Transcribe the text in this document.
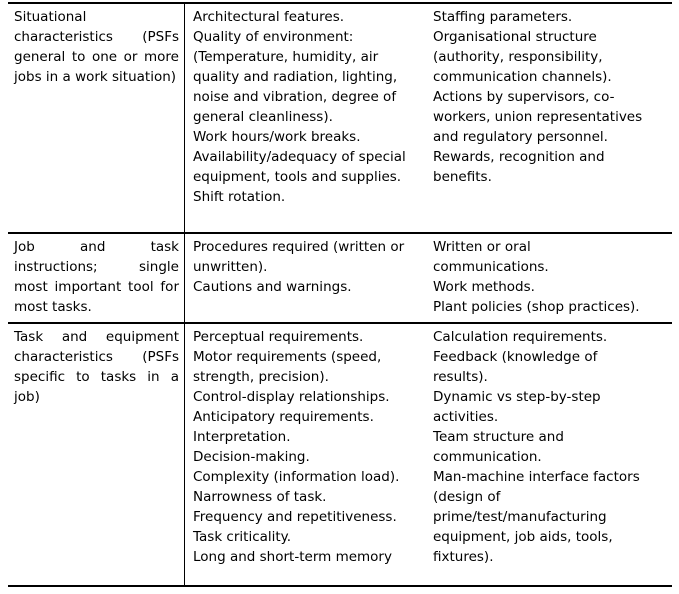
Situational characteristics (PSFs general to one or more jobs in a work situation)
Architectural features.
Quality of environment:
(Temperature, humidity, air quality and radiation, lighting, noise and vibration, degree of general cleanliness).
Work hours/work breaks.
Availability/adequacy of special equipment, tools and supplies.
Shift rotation.
Staffing parameters.
Organisational structure (authority, responsibility, communication channels).
Actions by supervisors, co-workers, union representatives and regulatory personnel.
Rewards, recognition and benefits.
Job and task instructions; single most important tool for most tasks.
Procedures required (written or unwritten).
Cautions and warnings.
Written or oral communications.
Work methods.
Plant policies (shop practices).
Task and equipment characteristics (PSFs specific to tasks in a job)
Perceptual requirements.
Motor requirements (speed, strength, precision).
Control-display relationships.
Anticipatory requirements.
Interpretation.
Decision-making.
Complexity (information load).
Narrowness of task.
Frequency and repetitiveness.
Task criticality.
Long and short-term memory
Calculation requirements.
Feedback (knowledge of results).
Dynamic vs step-by-step activities.
Team structure and communication.
Man-machine interface factors (design of prime/test/manufacturing equipment, job aids, tools, fixtures).
